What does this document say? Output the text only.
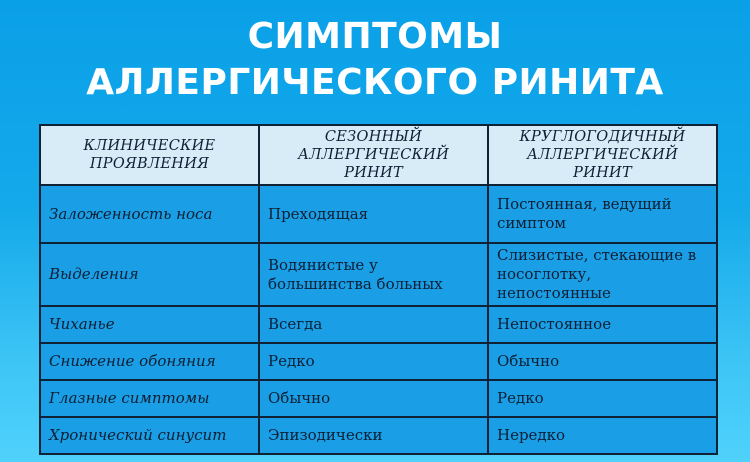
СИМПТОМЫ
АЛЛЕРГИЧЕСКОГО РИНИТА
КЛИНИЧЕСКИЕ ПРОЯВЛЕНИЯ	СЕЗОННЫЙ АЛЛЕРГИЧЕСКИЙ РИНИТ	КРУГЛОГОДИЧНЫЙ АЛЛЕРГИЧЕСКИЙ РИНИТ
Заложенность носа	Преходящая	Постоянная, ведущий симптом
Выделения	Водянистые у большинства больных	Слизистые, стекающие в носоглотку, непостоянные
Чиханье	Всегда	Непостоянное
Снижение обоняния	Редко	Обычно
Глазные симптомы	Обычно	Редко
Хронический синусит	Эпизодически	Нередко
